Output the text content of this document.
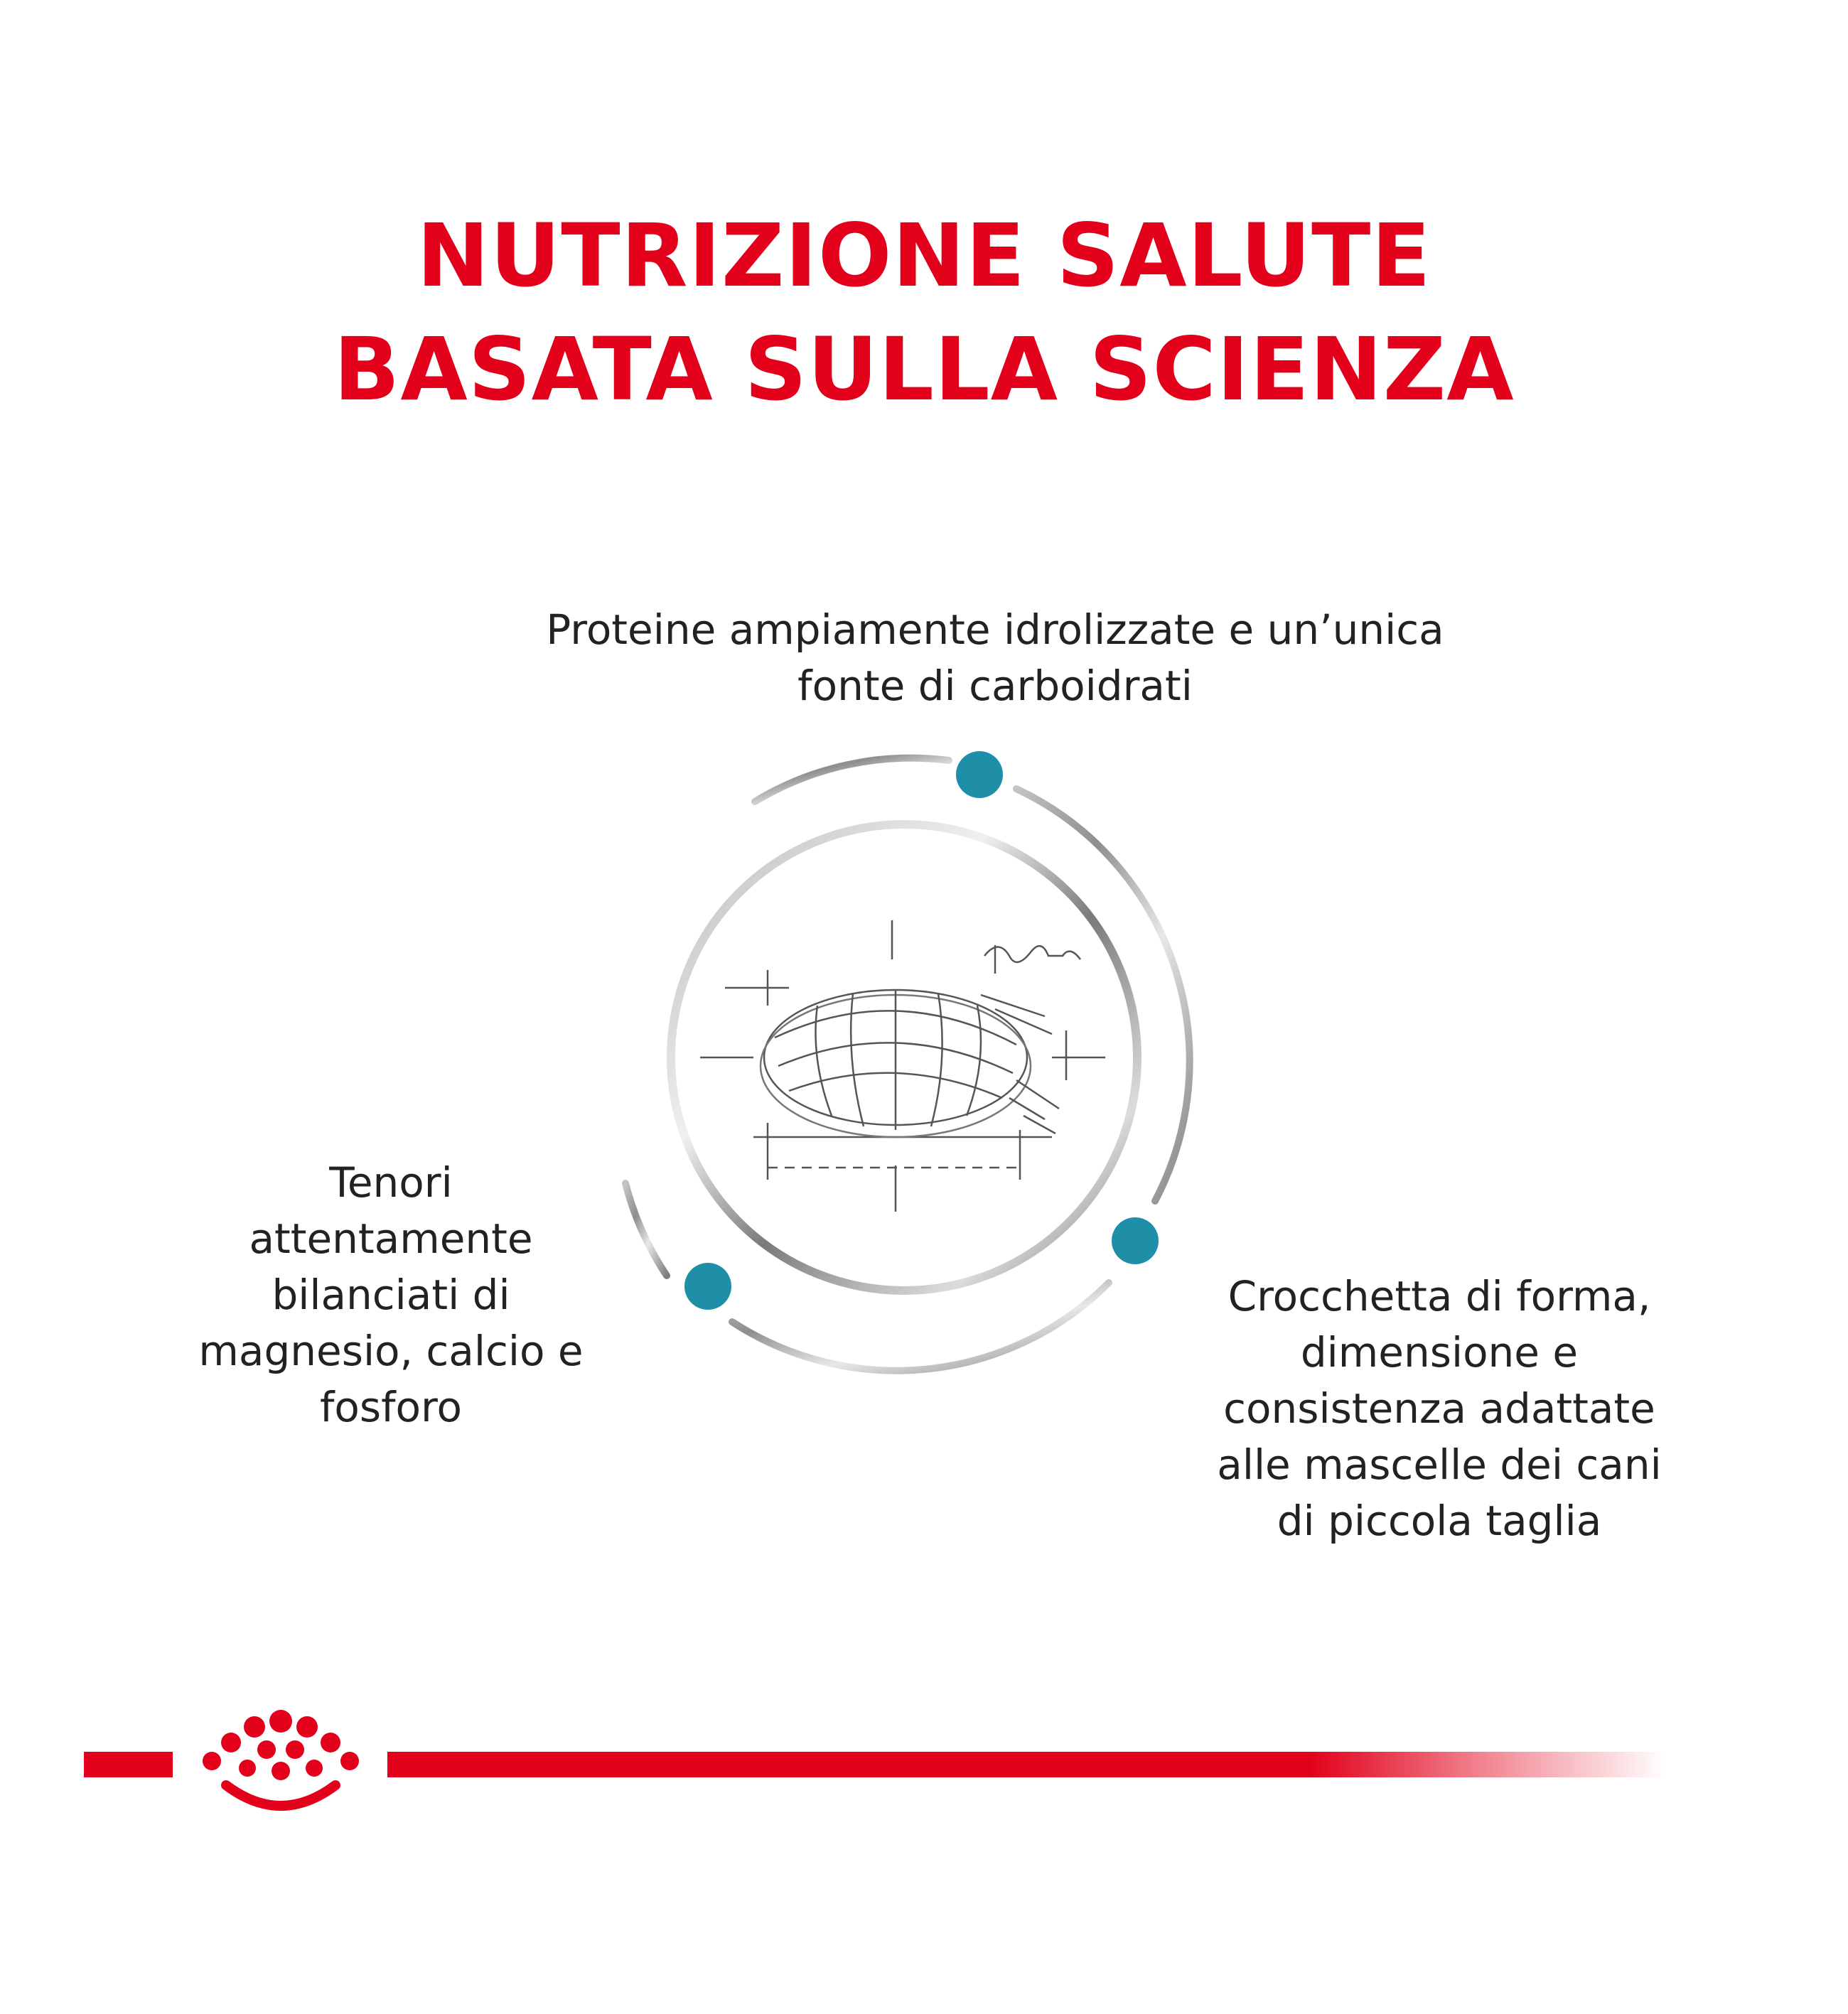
NUTRIZIONE SALUTE
BASATA SULLA SCIENZA
Proteine ampiamente idrolizzate e un’unica
fonte di carboidrati
Tenori
attentamente
bilanciati di
magnesio, calcio e
fosforo
Crocchetta di forma,
dimensione e
consistenza adattate
alle mascelle dei cani
di piccola taglia
